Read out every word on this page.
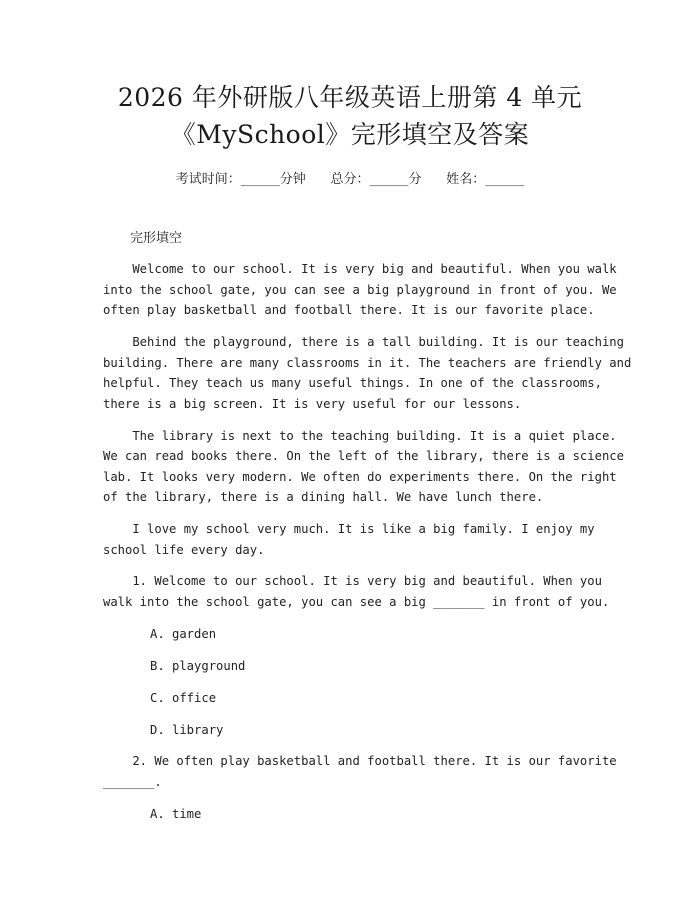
2026 年外研版八年级英语上册第 4 单元
《MySchool》完形填空及答案
考试时间：______分钟      总分：______分      姓名：______
完形填空
Welcome to our school. It is very big and beautiful. When you walk
into the school gate, you can see a big playground in front of you. We
often play basketball and football there. It is our favorite place.
Behind the playground, there is a tall building. It is our teaching
building. There are many classrooms in it. The teachers are friendly and
helpful. They teach us many useful things. In one of the classrooms,
there is a big screen. It is very useful for our lessons.
The library is next to the teaching building. It is a quiet place.
We can read books there. On the left of the library, there is a science
lab. It looks very modern. We often do experiments there. On the right
of the library, there is a dining hall. We have lunch there.
I love my school very much. It is like a big family. I enjoy my
school life every day.
1. Welcome to our school. It is very big and beautiful. When you
walk into the school gate, you can see a big _______ in front of you.
A. garden
B. playground
C. office
D. library
2. We often play basketball and football there. It is our favorite
_______.
A. time
